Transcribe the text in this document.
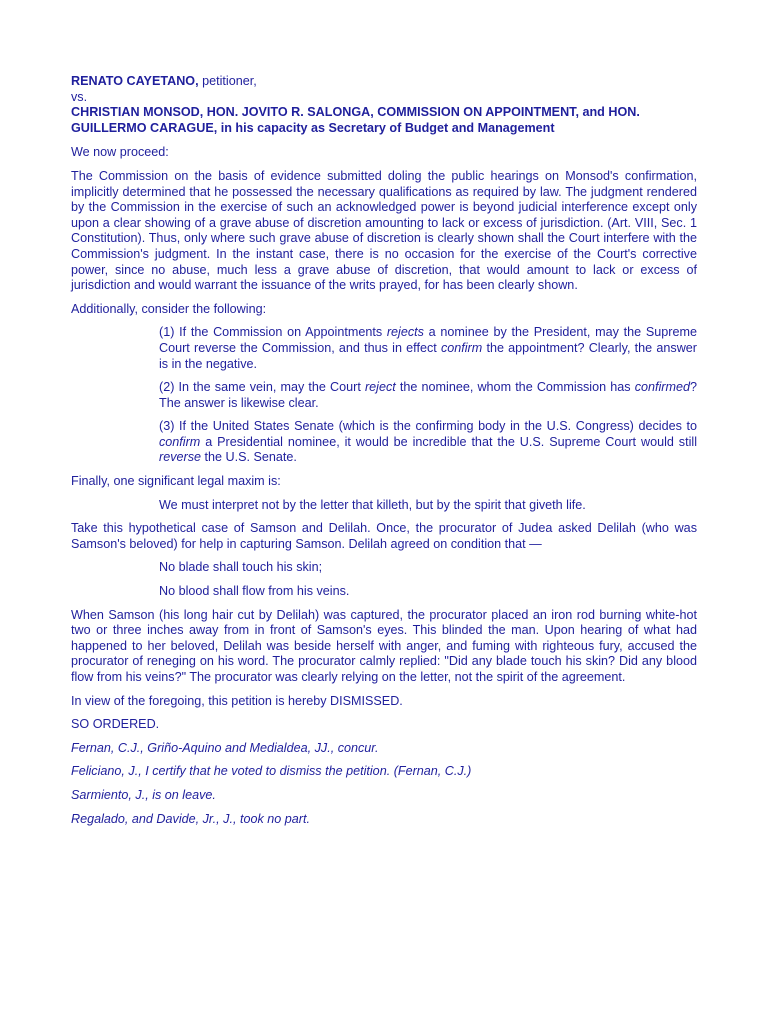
RENATO CAYETANO, petitioner,
vs.
CHRISTIAN MONSOD, HON. JOVITO R. SALONGA, COMMISSION ON APPOINTMENT, and HON. GUILLERMO CARAGUE, in his capacity as Secretary of Budget and Management

We now proceed:

The Commission on the basis of evidence submitted doling the public hearings on Monsod's confirmation, implicitly determined that he possessed the necessary qualifications as required by law. The judgment rendered by the Commission in the exercise of such an acknowledged power is beyond judicial interference except only upon a clear showing of a grave abuse of discretion amounting to lack or excess of jurisdiction. (Art. VIII, Sec. 1 Constitution). Thus, only where such grave abuse of discretion is clearly shown shall the Court interfere with the Commission's judgment. In the instant case, there is no occasion for the exercise of the Court's corrective power, since no abuse, much less a grave abuse of discretion, that would amount to lack or excess of jurisdiction and would warrant the issuance of the writs prayed, for has been clearly shown.

Additionally, consider the following:

(1) If the Commission on Appointments rejects a nominee by the President, may the Supreme Court reverse the Commission, and thus in effect confirm the appointment? Clearly, the answer is in the negative.

(2) In the same vein, may the Court reject the nominee, whom the Commission has confirmed? The answer is likewise clear.

(3) If the United States Senate (which is the confirming body in the U.S. Congress) decides to confirm a Presidential nominee, it would be incredible that the U.S. Supreme Court would still reverse the U.S. Senate.

Finally, one significant legal maxim is:

We must interpret not by the letter that killeth, but by the spirit that giveth life.

Take this hypothetical case of Samson and Delilah. Once, the procurator of Judea asked Delilah (who was Samson's beloved) for help in capturing Samson. Delilah agreed on condition that —

No blade shall touch his skin;

No blood shall flow from his veins.

When Samson (his long hair cut by Delilah) was captured, the procurator placed an iron rod burning white-hot two or three inches away from in front of Samson's eyes. This blinded the man. Upon hearing of what had happened to her beloved, Delilah was beside herself with anger, and fuming with righteous fury, accused the procurator of reneging on his word. The procurator calmly replied: "Did any blade touch his skin? Did any blood flow from his veins?" The procurator was clearly relying on the letter, not the spirit of the agreement.

In view of the foregoing, this petition is hereby DISMISSED.

SO ORDERED.

Fernan, C.J., Griño-Aquino and Medialdea, JJ., concur.

Feliciano, J., I certify that he voted to dismiss the petition. (Fernan, C.J.)

Sarmiento, J., is on leave.

Regalado, and Davide, Jr., J., took no part.
